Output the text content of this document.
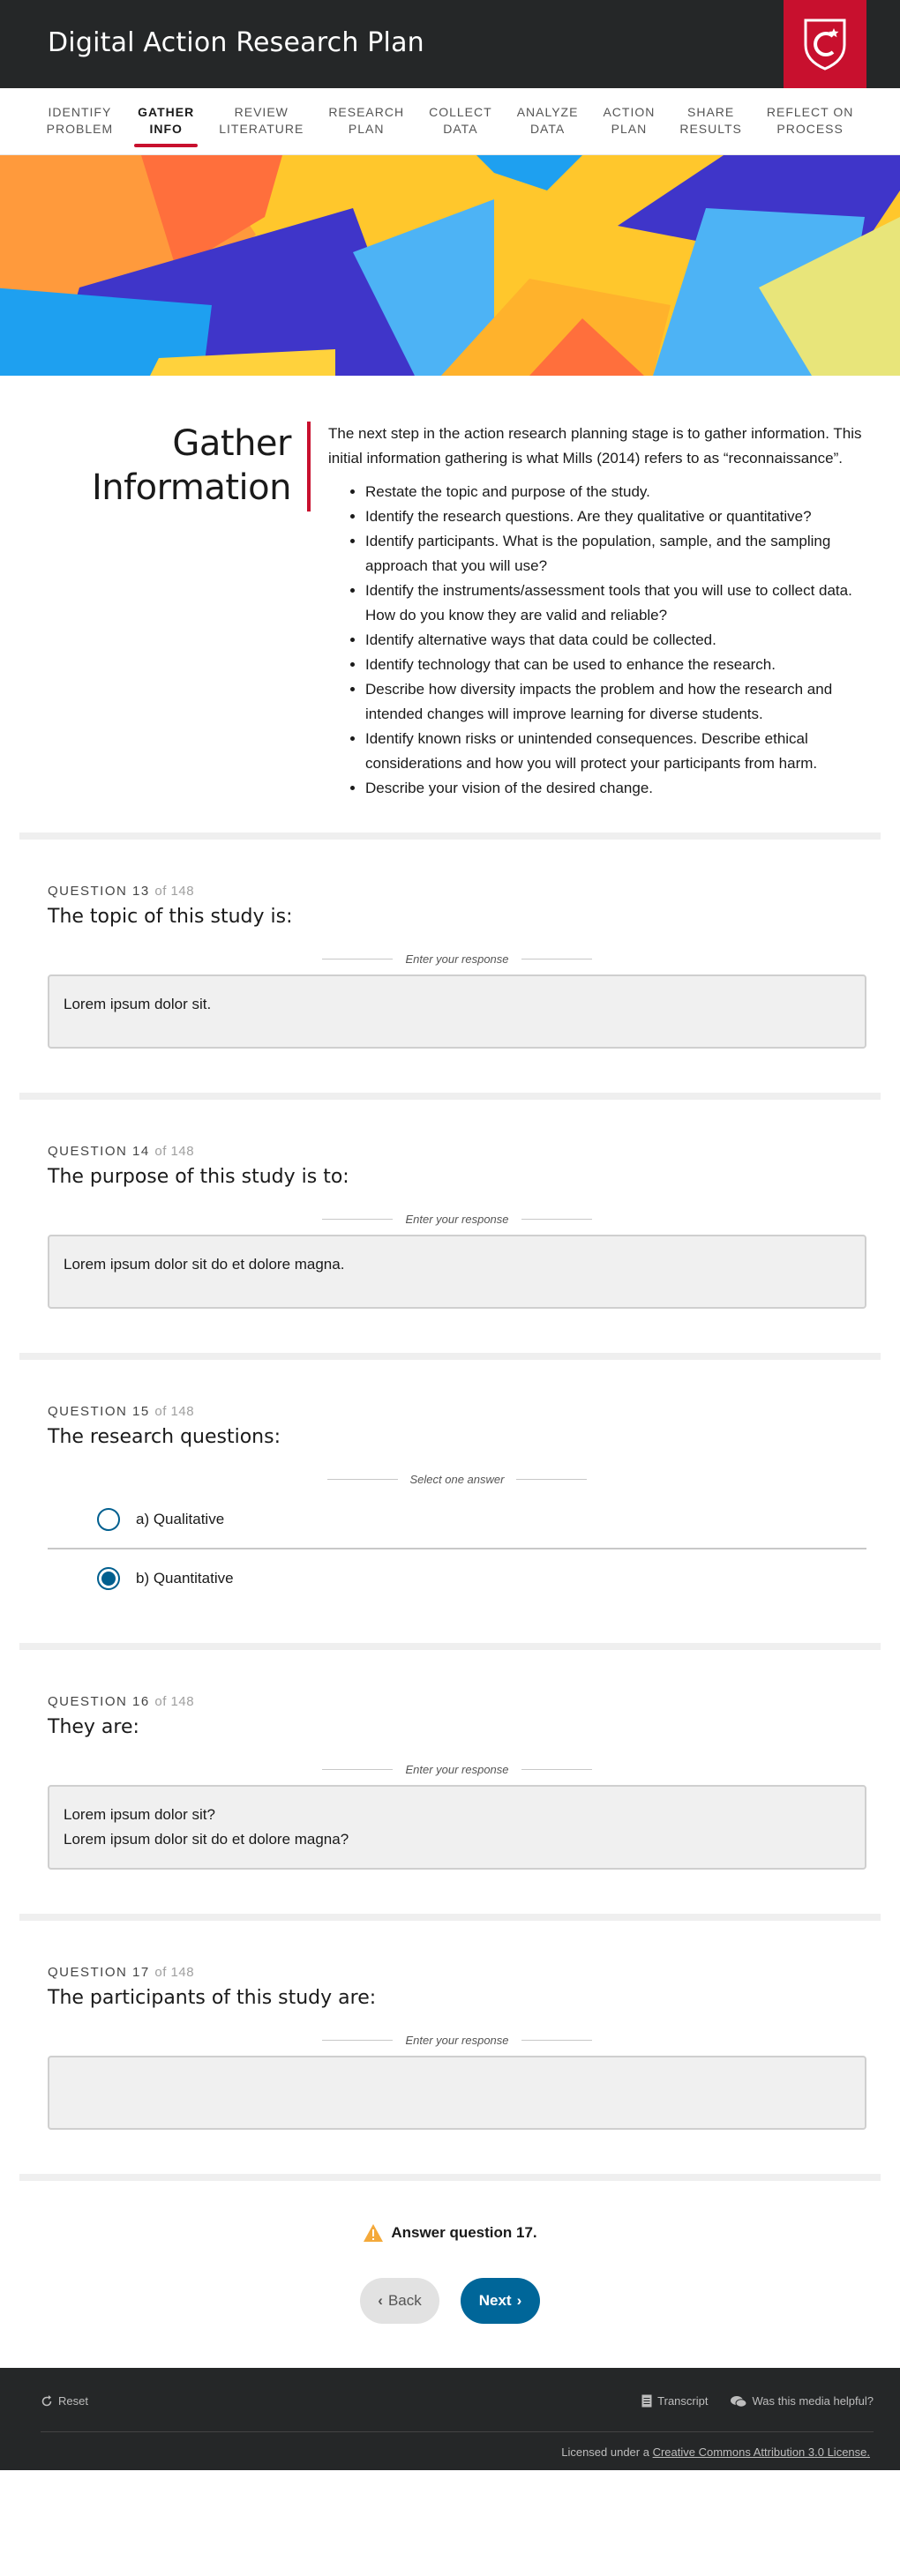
Digital Action Research Plan
IDENTIFY
PROBLEM
GATHER
INFO
REVIEW
LITERATURE
RESEARCH
PLAN
COLLECT
DATA
ANALYZE
DATA
ACTION
PLAN
SHARE
RESULTS
REFLECT ON
PROCESS
Gather
Information

The next step in the action research planning stage is to gather information. This initial information gathering is what Mills (2014) refers to as “reconnaissance”.

• Restate the topic and purpose of the study.
• Identify the research questions. Are they qualitative or quantitative?
• Identify participants. What is the population, sample, and the sampling approach that you will use?
• Identify the instruments/assessment tools that you will use to collect data. How do you know they are valid and reliable?
• Identify alternative ways that data could be collected.
• Identify technology that can be used to enhance the research.
• Describe how diversity impacts the problem and how the research and intended changes will improve learning for diverse students.
• Identify known risks or unintended consequences. Describe ethical considerations and how you will protect your participants from harm.
• Describe your vision of the desired change.
QUESTION 13 of 148
The topic of this study is:
Enter your response
Lorem ipsum dolor sit.
QUESTION 14 of 148
The purpose of this study is to:
Enter your response
Lorem ipsum dolor sit do et dolore magna.
QUESTION 15 of 148
The research questions:
Select one answer
a) Qualitative
b) Quantitative
QUESTION 16 of 148
They are:
Enter your response
Lorem ipsum dolor sit?
Lorem ipsum dolor sit do et dolore magna?
QUESTION 17 of 148
The participants of this study are:
Enter your response
Answer question 17.
‹ Back	Next ›
Reset	Transcript	Was this media helpful?
Licensed under a Creative Commons Attribution 3.0 License.
